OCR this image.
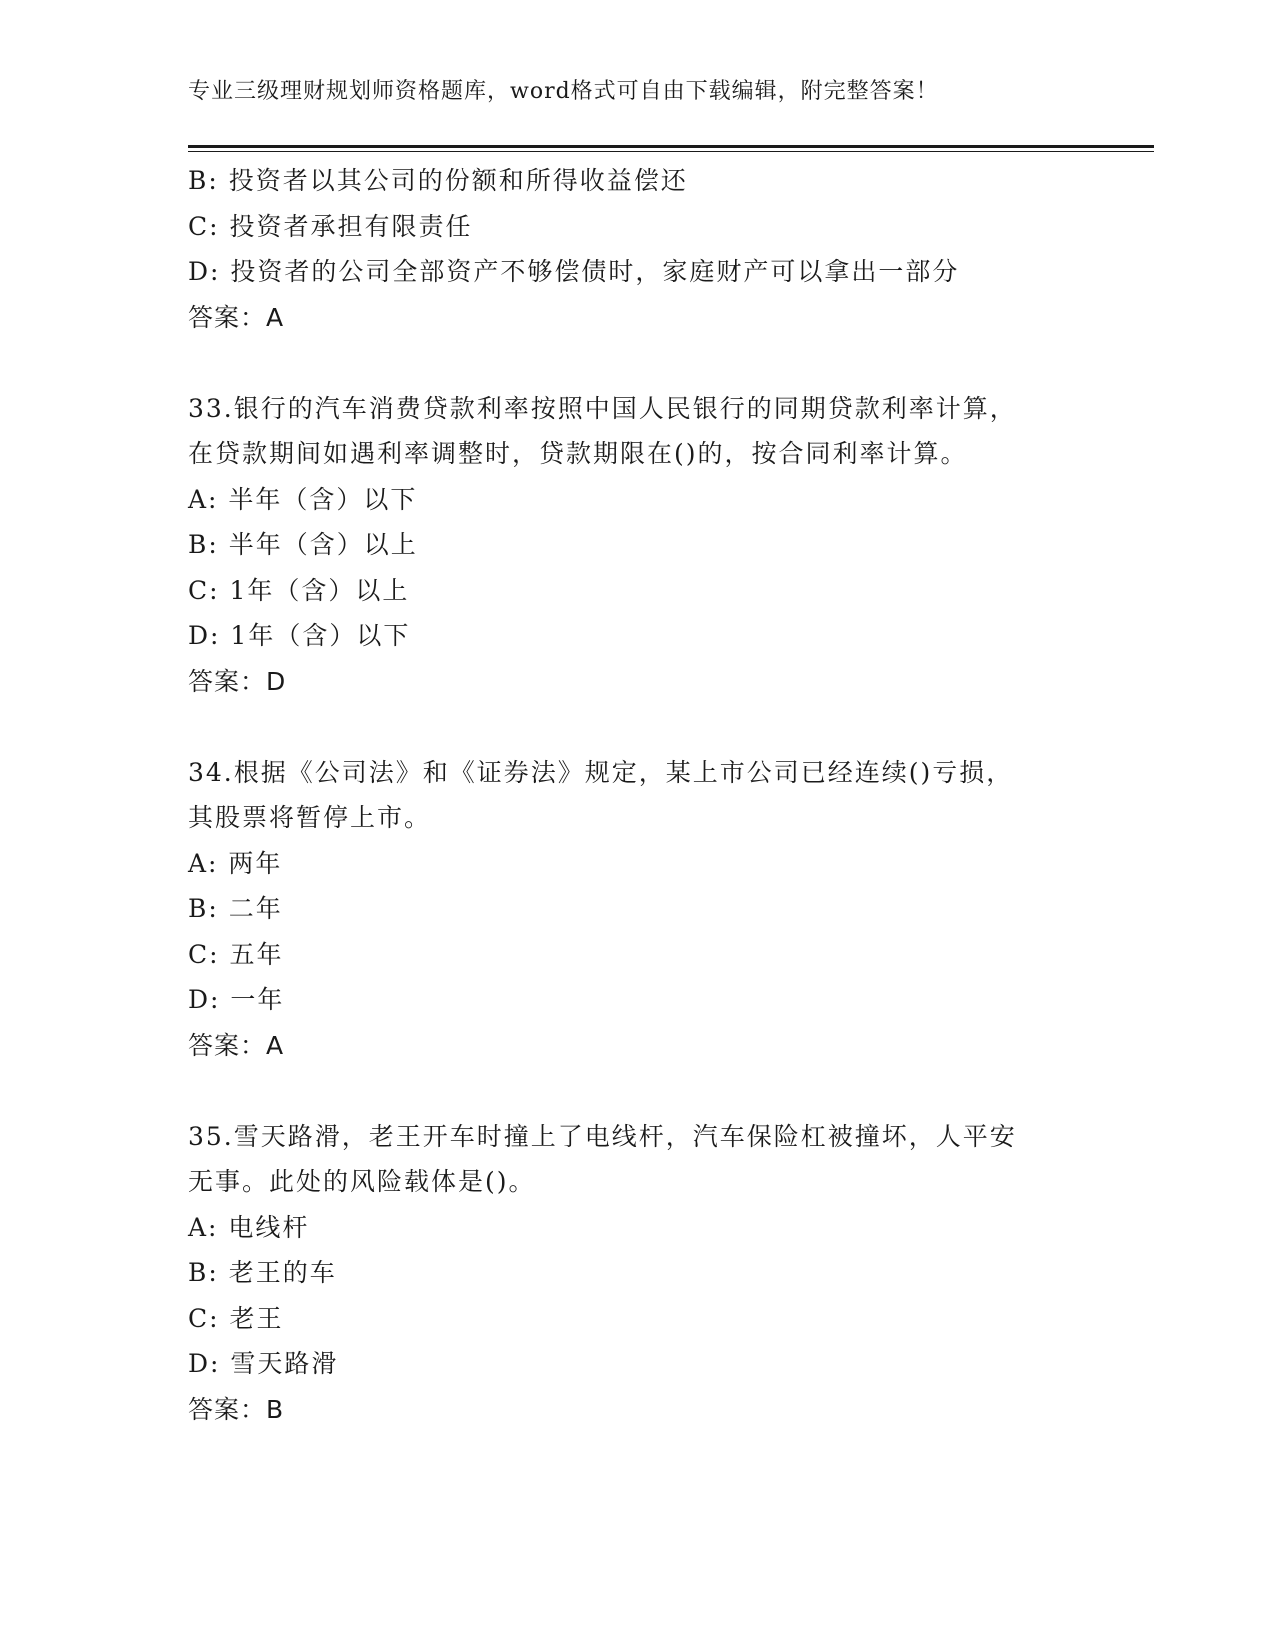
专业三级理财规划师资格题库，word格式可自由下载编辑，附完整答案！
B: 投资者以其公司的份额和所得收益偿还
C: 投资者承担有限责任
D: 投资者的公司全部资产不够偿债时，家庭财产可以拿出一部分
答案：A
33.银行的汽车消费贷款利率按照中国人民银行的同期贷款利率计算，
在贷款期间如遇利率调整时，贷款期限在()的，按合同利率计算。
A: 半年（含）以下
B: 半年（含）以上
C: 1年（含）以上
D: 1年（含）以下
答案：D
34.根据《公司法》和《证券法》规定，某上市公司已经连续()亏损，
其股票将暂停上市。
A: 两年
B: 二年
C: 五年
D: 一年
答案：A
35.雪天路滑，老王开车时撞上了电线杆，汽车保险杠被撞坏，人平安
无事。此处的风险载体是()。
A: 电线杆
B: 老王的车
C: 老王
D: 雪天路滑
答案：B
